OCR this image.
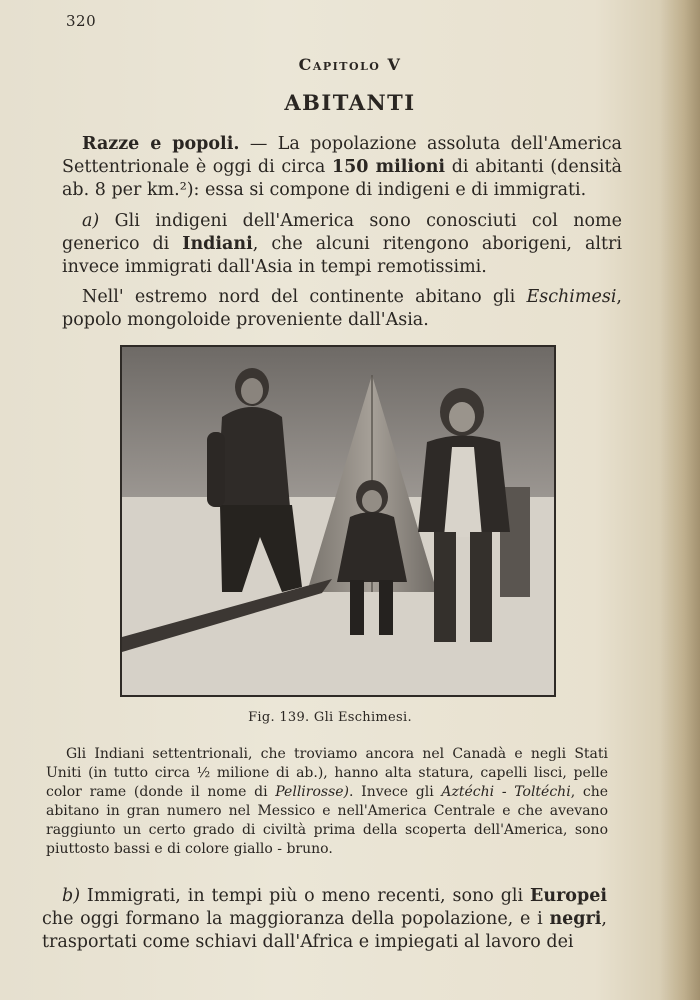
320
Capitolo V
ABITANTI

Razze e popoli. — La popolazione assoluta dell'America Settentrionale è oggi di circa 150 milioni di abitanti (densità ab. 8 per km.²): essa si compone di indigeni e di immigrati.

a) Gli indigeni dell'America sono conosciuti col nome generico di Indiani, che alcuni ritengono aborigeni, altri invece immigrati dall'Asia in tempi remotissimi.

Nell' estremo nord del continente abitano gli Eschimesi, popolo mongoloide proveniente dall'Asia.

Fig. 139. Gli Eschimesi.

Gli Indiani settentrionali, che troviamo ancora nel Canadà e negli Stati Uniti (in tutto circa ½ milione di ab.), hanno alta statura, capelli lisci, pelle color rame (donde il nome di Pellirosse). Invece gli Aztéchi - Toltéchi, che abitano in gran numero nel Messico e nell'America Centrale e che avevano raggiunto un certo grado di civiltà prima della scoperta dell'America, sono piuttosto bassi e di colore giallo - bruno.

b) Immigrati, in tempi più o meno recenti, sono gli Europei che oggi formano la maggioranza della popolazione, e i negri, trasportati come schiavi dall'Africa e impiegati al lavoro dei
